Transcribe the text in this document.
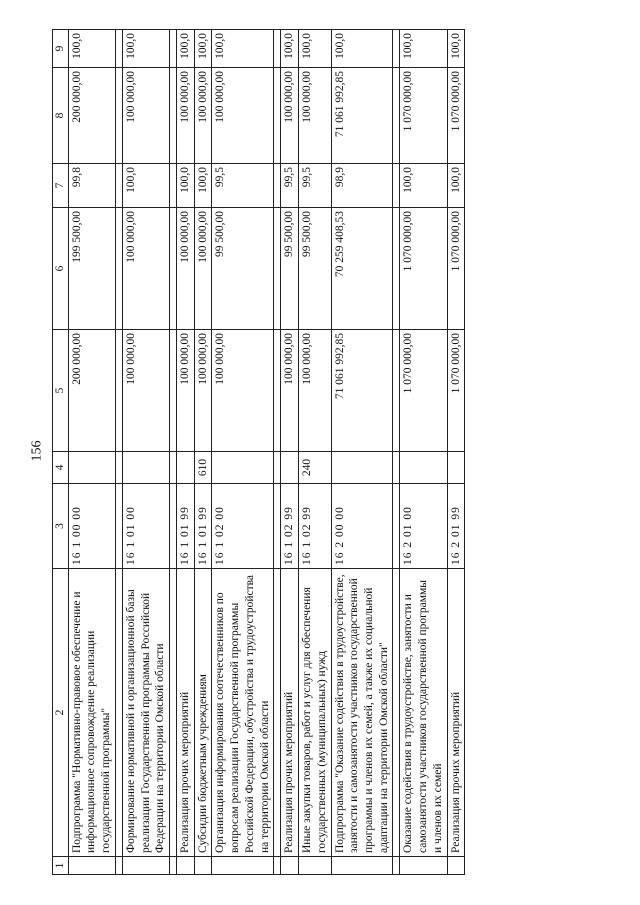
156
1	2	3	4	5	6	7	8	9
	Подпрограмма "Нормативно-правовое обеспечение и информационное сопровождение реализации государственной программы"	16 1 00 00		200 000,00	199 500,00	99,8	200 000,00	100,0

	Формирование нормативной и организационной базы реализации Государственной программы Российской Федерации на территории Омской области	16 1 01 00		100 000,00	100 000,00	100,0	100 000,00	100,0

	Реализация прочих мероприятий	16 1 01 99		100 000,00	100 000,00	100,0	100 000,00	100,0
	Субсидии бюджетным учреждениям	16 1 01 99	610	100 000,00	100 000,00	100,0	100 000,00	100,0
	Организация информирования соотечественников по вопросам реализации Государственной программы Российской Федерации, обустройства и трудоустройства на территории Омской области	16 1 02 00		100 000,00	99 500,00	99,5	100 000,00	100,0

	Реализация прочих мероприятий	16 1 02 99		100 000,00	99 500,00	99,5	100 000,00	100,0
	Иные закупки товаров, работ и услуг для обеспечения государственных (муниципальных) нужд	16 1 02 99	240	100 000,00	99 500,00	99,5	100 000,00	100,0
	Подпрограмма "Оказание содействия в трудоустройстве, занятости и самозанятости участников государственной программы и членов их семей, а также их социальной адаптации на территории Омской области"	16 2 00 00		71 061 992,85	70 259 408,53	98,9	71 061 992,85	100,0

	Оказание содействия в трудоустройстве, занятости и самозанятости участников государственной программы и членов их семей	16 2 01 00		1 070 000,00	1 070 000,00	100,0	1 070 000,00	100,0
	Реализация прочих мероприятий	16 2 01 99		1 070 000,00	1 070 000,00	100,0	1 070 000,00	100,0
